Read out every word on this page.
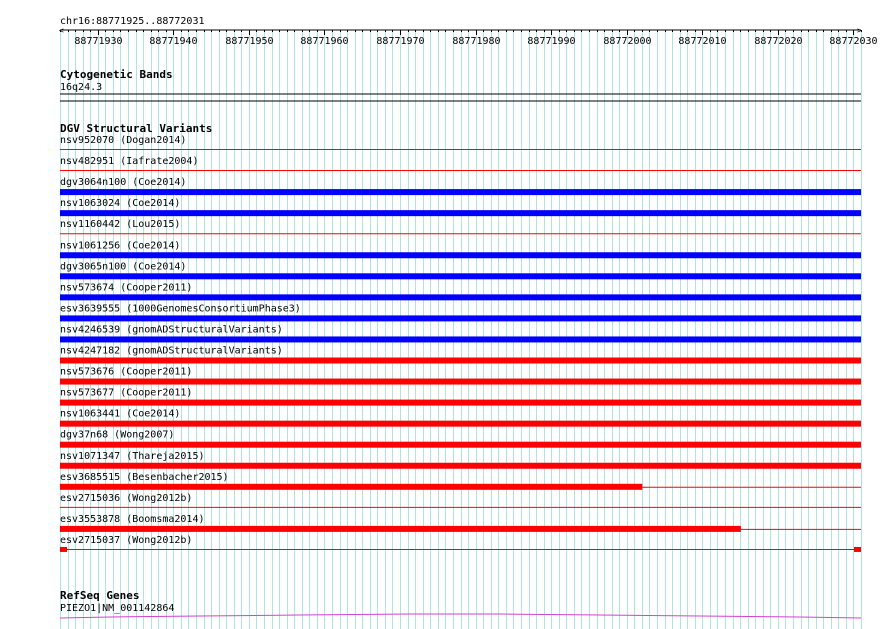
chr16:88771925..88772031
<	>
88771930	88771940	88771950	88771960	88771970	88771980	88771990	88772000	88772010	88772020	88772030
Cytogenetic Bands
16q24.3
DGV Structural Variants
nsv952070 (Dogan2014)
nsv482951 (Iafrate2004)
dgv3064n100 (Coe2014)
nsv1063024 (Coe2014)
nsv1160442 (Lou2015)
nsv1061256 (Coe2014)
dgv3065n100 (Coe2014)
nsv573674 (Cooper2011)
esv3639555 (1000GenomesConsortiumPhase3)
nsv4246539 (gnomADStructuralVariants)
nsv4247182 (gnomADStructuralVariants)
nsv573676 (Cooper2011)
nsv573677 (Cooper2011)
nsv1063441 (Coe2014)
dgv37n68 (Wong2007)
nsv1071347 (Thareja2015)
esv3685515 (Besenbacher2015)
esv2715036 (Wong2012b)
esv3553878 (Boomsma2014)
esv2715037 (Wong2012b)
RefSeq Genes
PIEZO1|NM_001142864
